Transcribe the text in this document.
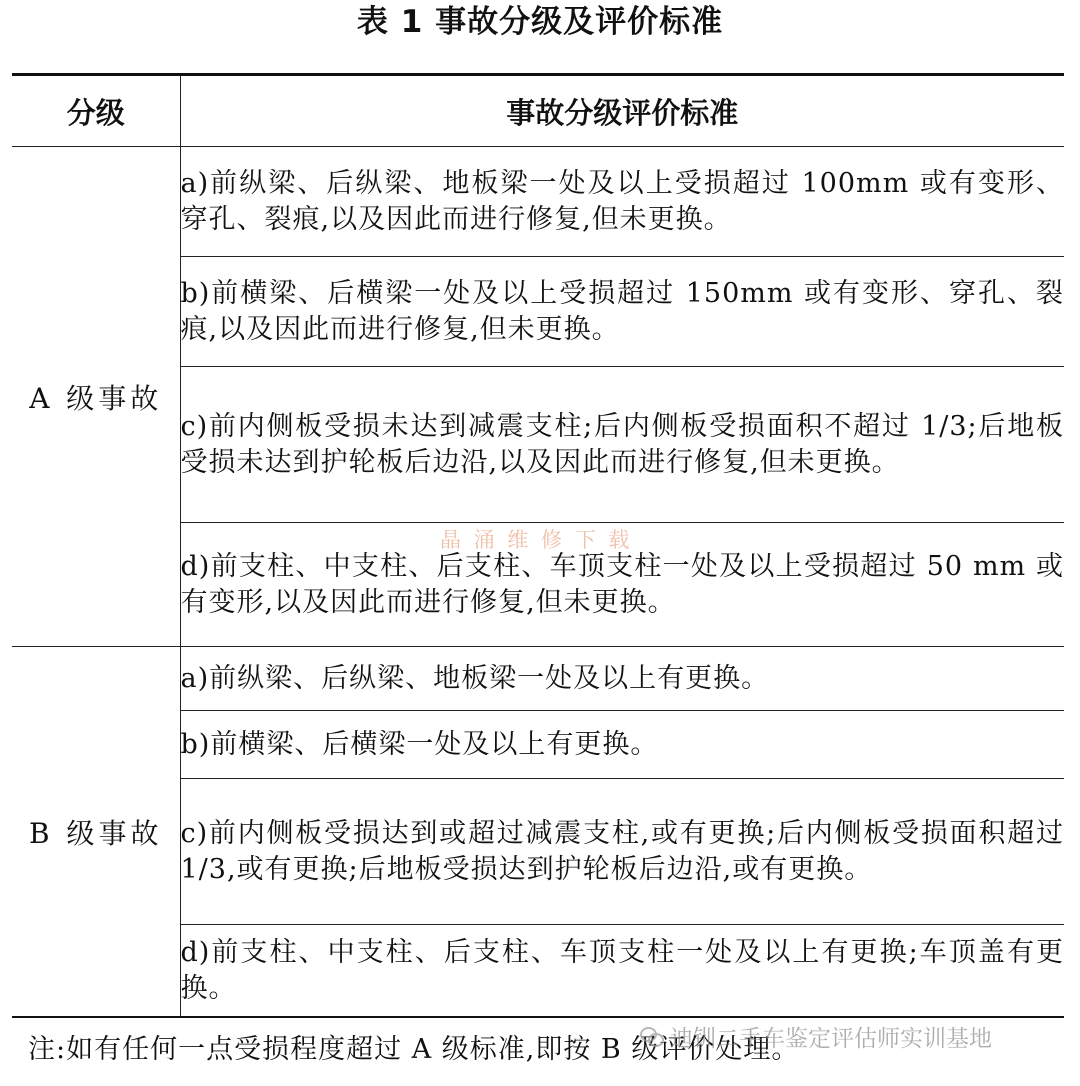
表 1 事故分级及评价标准
分级	事故分级评价标准
A 级事故	a)前纵梁、后纵梁、地板梁一处及以上受损超过 100mm 或有变形、穿孔、裂痕,以及因此而进行修复,但未更换。
	b)前横梁、后横梁一处及以上受损超过 150mm 或有变形、穿孔、裂痕,以及因此而进行修复,但未更换。
	c)前内侧板受损未达到减震支柱;后内侧板受损面积不超过 1/3;后地板受损未达到护轮板后边沿,以及因此而进行修复,但未更换。
	d)前支柱、中支柱、后支柱、车顶支柱一处及以上受损超过 50 mm 或有变形,以及因此而进行修复,但未更换。
B 级事故	a)前纵梁、后纵梁、地板梁一处及以上有更换。
	b)前横梁、后横梁一处及以上有更换。
	c)前内侧板受损达到或超过减震支柱,或有更换;后内侧板受损面积超过 1/3,或有更换;后地板受损达到护轮板后边沿,或有更换。
	d)前支柱、中支柱、后支柱、车顶支柱一处及以上有更换;车顶盖有更换。
注:如有任何一点受损程度超过 A 级标准,即按 B 级评价处理。
晶 涌 维 修 下 载
迪钏二手车鉴定评估师实训基地
